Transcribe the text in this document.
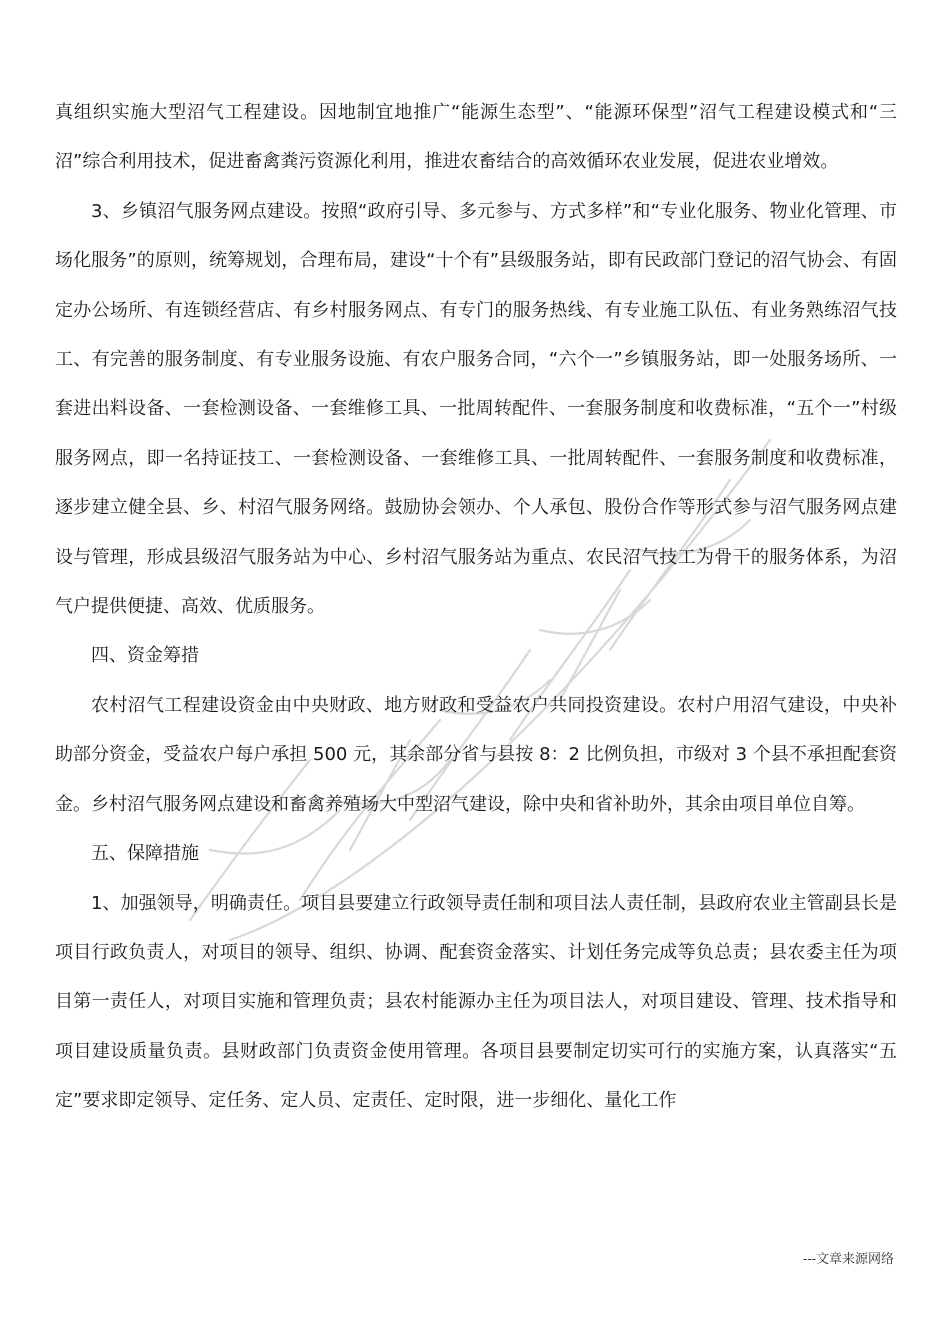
真组织实施大型沼气工程建设。因地制宜地推广“能源生态型”、“能源环保型”沼气工程建设模式和“三沼”综合利用技术，促进畜禽粪污资源化利用，推进农畜结合的高效循环农业发展，促进农业增效。

3、乡镇沼气服务网点建设。按照“政府引导、多元参与、方式多样”和“专业化服务、物业化管理、市场化服务”的原则，统筹规划，合理布局，建设“十个有”县级服务站，即有民政部门登记的沼气协会、有固定办公场所、有连锁经营店、有乡村服务网点、有专门的服务热线、有专业施工队伍、有业务熟练沼气技工、有完善的服务制度、有专业服务设施、有农户服务合同，“六个一”乡镇服务站，即一处服务场所、一套进出料设备、一套检测设备、一套维修工具、一批周转配件、一套服务制度和收费标准，“五个一”村级服务网点，即一名持证技工、一套检测设备、一套维修工具、一批周转配件、一套服务制度和收费标准，逐步建立健全县、乡、村沼气服务网络。鼓励协会领办、个人承包、股份合作等形式参与沼气服务网点建设与管理，形成县级沼气服务站为中心、乡村沼气服务站为重点、农民沼气技工为骨干的服务体系，为沼气户提供便捷、高效、优质服务。

四、资金筹措

农村沼气工程建设资金由中央财政、地方财政和受益农户共同投资建设。农村户用沼气建设，中央补助部分资金，受益农户每户承担 500 元，其余部分省与县按 8：2 比例负担，市级对 3 个县不承担配套资金。乡村沼气服务网点建设和畜禽养殖场大中型沼气建设，除中央和省补助外，其余由项目单位自筹。

五、保障措施

1、加强领导，明确责任。项目县要建立行政领导责任制和项目法人责任制，县政府农业主管副县长是项目行政负责人，对项目的领导、组织、协调、配套资金落实、计划任务完成等负总责；县农委主任为项目第一责任人，对项目实施和管理负责；县农村能源办主任为项目法人，对项目建设、管理、技术指导和项目建设质量负责。县财政部门负责资金使用管理。各项目县要制定切实可行的实施方案，认真落实“五定”要求即定领导、定任务、定人员、定责任、定时限，进一步细化、量化工作

---文章来源网络
